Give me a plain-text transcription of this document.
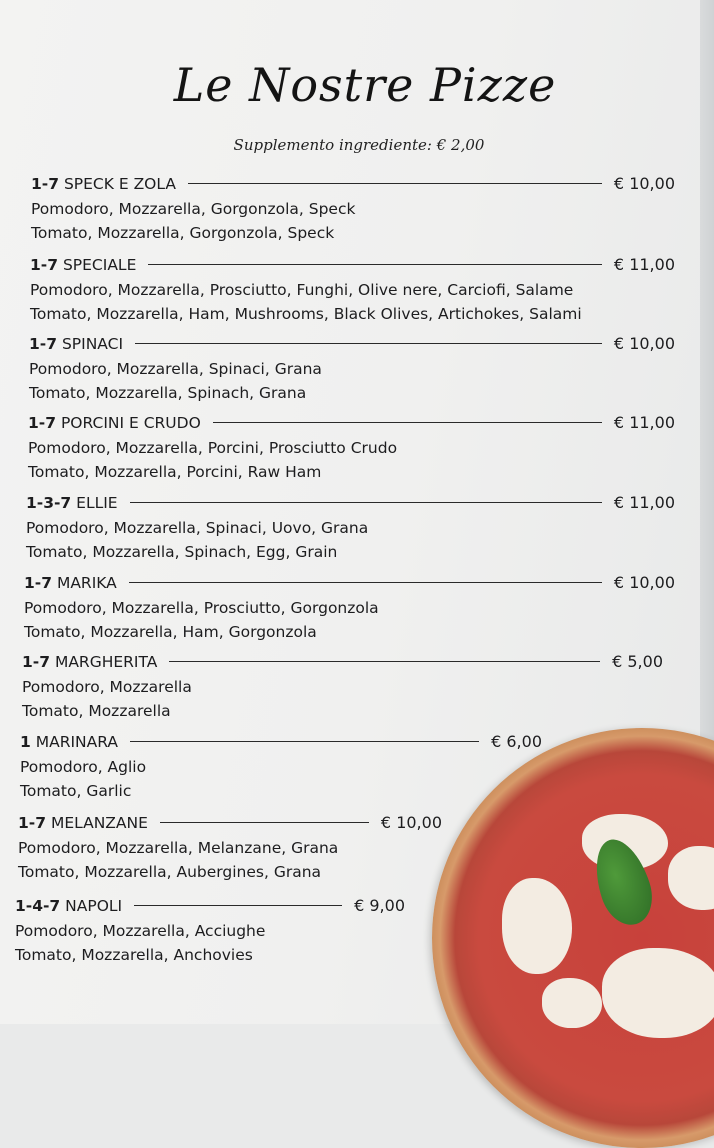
Le Nostre Pizze
Supplemento ingrediente: € 2,00
1-7 SPECK E ZOLA	€ 10,00
Pomodoro, Mozzarella, Gorgonzola, Speck
Tomato, Mozzarella, Gorgonzola, Speck
1-7 SPECIALE	€ 11,00
Pomodoro, Mozzarella, Prosciutto, Funghi, Olive nere, Carciofi, Salame
Tomato, Mozzarella, Ham, Mushrooms, Black Olives, Artichokes, Salami
1-7 SPINACI	€ 10,00
Pomodoro, Mozzarella, Spinaci, Grana
Tomato, Mozzarella, Spinach, Grana
1-7 PORCINI E CRUDO	€ 11,00
Pomodoro, Mozzarella, Porcini, Prosciutto Crudo
Tomato, Mozzarella, Porcini, Raw Ham
1-3-7 ELLIE	€ 11,00
Pomodoro, Mozzarella, Spinaci, Uovo, Grana
Tomato, Mozzarella, Spinach, Egg, Grain
1-7 MARIKA	€ 10,00
Pomodoro, Mozzarella, Prosciutto, Gorgonzola
Tomato, Mozzarella, Ham, Gorgonzola
1-7 MARGHERITA	€ 5,00
Pomodoro, Mozzarella
Tomato, Mozzarella
1 MARINARA	€ 6,00
Pomodoro, Aglio
Tomato, Garlic
1-7 MELANZANE	€ 10,00
Pomodoro, Mozzarella, Melanzane, Grana
Tomato, Mozzarella, Aubergines, Grana
1-4-7 NAPOLI	€ 9,00
Pomodoro, Mozzarella, Acciughe
Tomato, Mozzarella, Anchovies
